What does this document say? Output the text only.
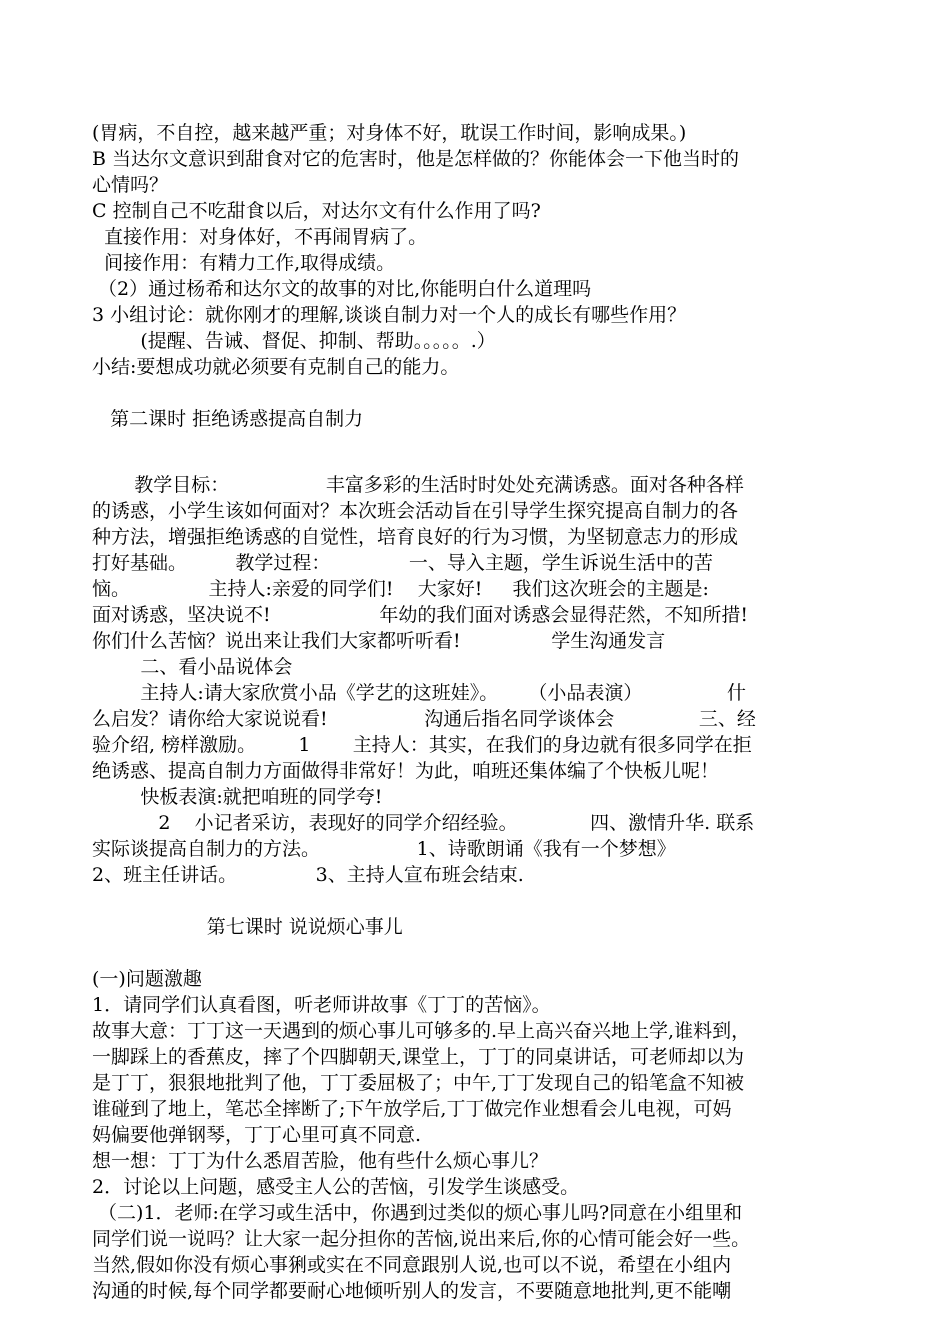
(胃病，不自控，越来越严重；对身体不好，耽误工作时间，影响成果。)
B 当达尔文意识到甜食对它的危害时，他是怎样做的？你能体会一下他当时的
心情吗？
C 控制自己不吃甜食以后，对达尔文有什么作用了吗?
直接作用：对身体好，不再闹胃病了。
间接作用：有精力工作,取得成绩。
（2）通过杨希和达尔文的故事的对比,你能明白什么道理吗
3 小组讨论：就你刚才的理解,谈谈自制力对一个人的成长有哪些作用？
(提醒、告诫、督促、抑制、帮助。。。。。.）
小结:要想成功就必须要有克制自己的能力。
第二课时 拒绝诱惑提高自制力
教学目标：                丰富多彩的生活时时处处充满诱惑。面对各种各样
的诱惑，小学生该如何面对？本次班会活动旨在引导学生探究提高自制力的各
种方法，增强拒绝诱惑的自觉性，培育良好的行为习惯，为坚韧意志力的形成
打好基础。        教学过程：             一、导入主题，学生诉说生活中的苦
恼。             主持人:亲爱的同学们!    大家好!     我们这次班会的主题是:
面对诱惑，坚决说不!                  年幼的我们面对诱惑会显得茫然，不知所措!
你们什么苦恼？说出来让我们大家都听听看!               学生沟通发言
二、看小品说体会
主持人:请大家欣赏小品《学艺的这班娃》。     （小品表演）              什
么启发？请你给大家说说看!                沟通后指名同学谈体会              三、经
验介绍, 榜样激励。       1       主持人：其实，在我们的身边就有很多同学在拒
绝诱惑、提高自制力方面做得非常好！为此，咱班还集体编了个快板儿呢！
快板表演:就把咱班的同学夸!
2    小记者采访，表现好的同学介绍经验。            四、激情升华. 联系
实际谈提高自制力的方法。                1、诗歌朗诵《我有一个梦想》
2、班主任讲话。             3、主持人宣布班会结束.
第七课时 说说烦心事儿
(一)问题激趣
1．请同学们认真看图，听老师讲故事《丁丁的苦恼》。
故事大意：丁丁这一天遇到的烦心事儿可够多的.早上高兴奋兴地上学,谁料到，
一脚踩上的香蕉皮，摔了个四脚朝天,课堂上，丁丁的同桌讲话，可老师却以为
是丁丁，狠狠地批判了他，丁丁委屈极了；中午,丁丁发现自己的铅笔盒不知被
谁碰到了地上，笔芯全摔断了;下午放学后,丁丁做完作业想看会儿电视，可妈
妈偏要他弹钢琴，丁丁心里可真不同意.
想一想：丁丁为什么悉眉苦脸，他有些什么烦心事儿？
2．讨论以上问题，感受主人公的苦恼，引发学生谈感受。
（二)1．老师:在学习或生活中，你遇到过类似的烦心事儿吗?同意在小组里和
同学们说一说吗？让大家一起分担你的苦恼,说出来后,你的心情可能会好一些。
当然,假如你没有烦心事猁或实在不同意跟别人说,也可以不说，希望在小组内
沟通的时候,每个同学都要耐心地倾听别人的发言，不要随意地批判,更不能嘲
